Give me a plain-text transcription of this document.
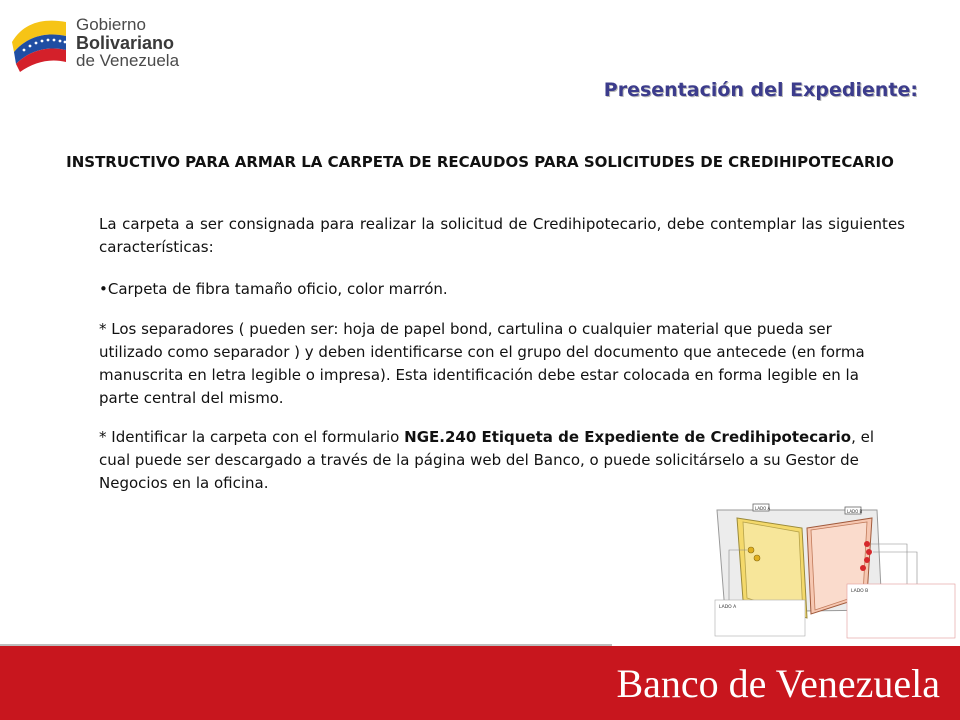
Gobierno
Bolivariano
de Venezuela
Presentación del Expediente:
INSTRUCTIVO PARA ARMAR LA CARPETA DE RECAUDOS PARA SOLICITUDES DE CREDIHIPOTECARIO
La carpeta a ser consignada para realizar la solicitud de Credihipotecario, debe contemplar las siguientes características:
•Carpeta de fibra tamaño oficio, color marrón.
* Los separadores ( pueden ser: hoja de papel bond, cartulina o cualquier material que pueda ser utilizado como separador ) y deben identificarse con el grupo del documento que antecede (en forma manuscrita en letra legible o impresa). Esta identificación debe estar colocada en forma legible en la parte central del mismo.
* Identificar la carpeta con el formulario NGE.240 Etiqueta de Expediente de Credihipotecario, el cual puede ser descargado a través de la página web del Banco, o puede solicitárselo a su Gestor de Negocios en la oficina.
LADO A
LADO B
LADO A
LADO B
Banco de Venezuela
